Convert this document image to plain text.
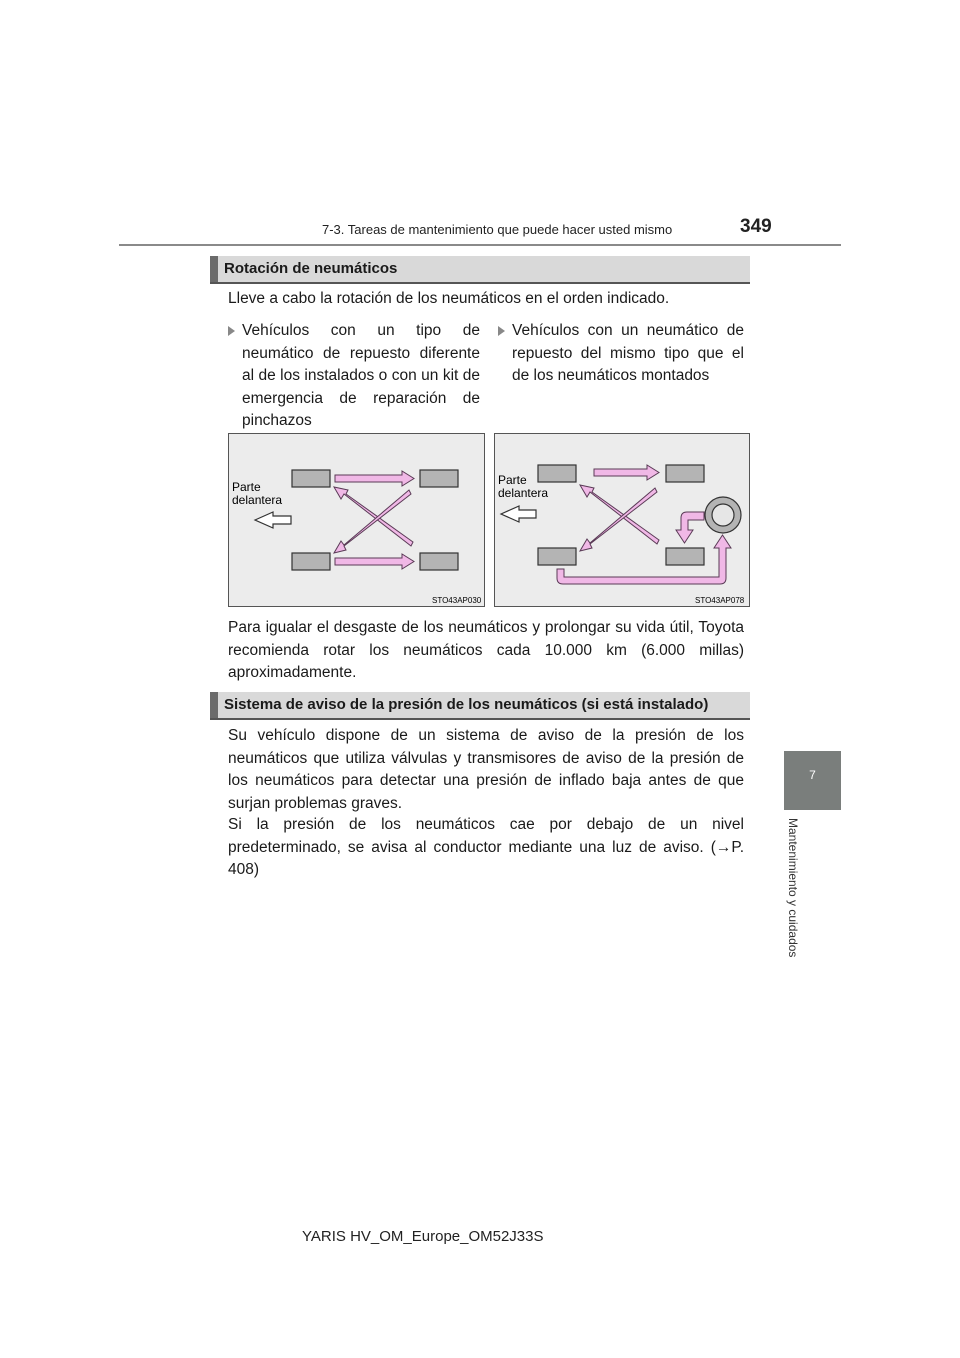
7-3. Tareas de mantenimiento que puede hacer usted mismo	349
7
Mantenimiento y cuidados
Rotación de neumáticos
Lleve a cabo la rotación de los neumáticos en el orden indicado.
Vehículos con un tipo de neumático de repuesto diferente al de los instalados o con un kit de emergencia de reparación de pinchazos
Vehículos con un neumático de repuesto del mismo tipo que el de los neumáticos montados
Parte
delantera
STO43AP030
Parte
delantera
STO43AP078
Para igualar el desgaste de los neumáticos y prolongar su vida útil, Toyota recomienda rotar los neumáticos cada 10.000 km (6.000 millas) aproximadamente.
Sistema de aviso de la presión de los neumáticos (si está instalado)
Su vehículo dispone de un sistema de aviso de la presión de los neumáticos que utiliza válvulas y transmisores de aviso de la presión de los neumáticos para detectar una presión de inflado baja antes de que surjan problemas graves.
Si la presión de los neumáticos cae por debajo de un nivel predeterminado, se avisa al conductor mediante una luz de aviso. (→P. 408)
YARIS HV_OM_Europe_OM52J33S
